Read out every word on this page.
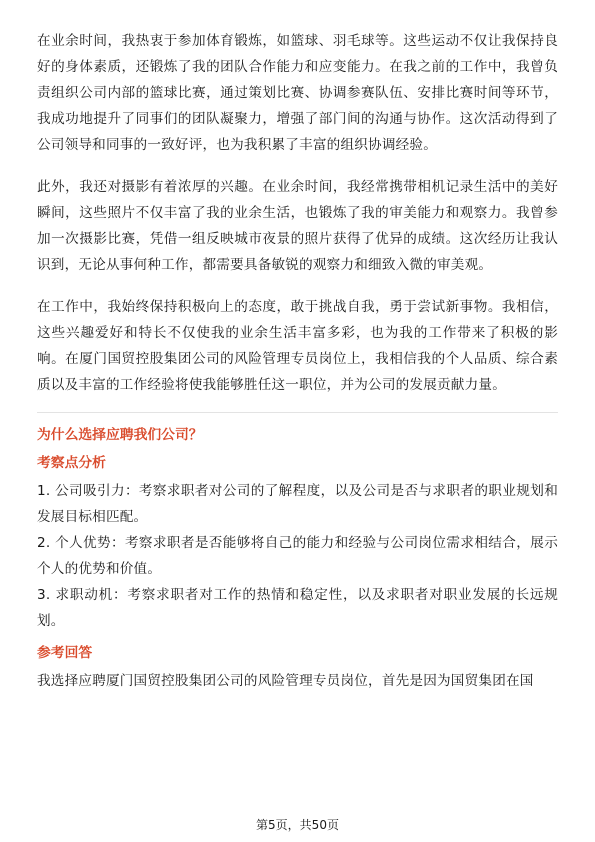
在业余时间，我热衷于参加体育锻炼，如篮球、羽毛球等。这些运动不仅让我保持良好的身体素质，还锻炼了我的团队合作能力和应变能力。在我之前的工作中，我曾负责组织公司内部的篮球比赛，通过策划比赛、协调参赛队伍、安排比赛时间等环节，我成功地提升了同事们的团队凝聚力，增强了部门间的沟通与协作。这次活动得到了公司领导和同事的一致好评，也为我积累了丰富的组织协调经验。

此外，我还对摄影有着浓厚的兴趣。在业余时间，我经常携带相机记录生活中的美好瞬间，这些照片不仅丰富了我的业余生活，也锻炼了我的审美能力和观察力。我曾参加一次摄影比赛，凭借一组反映城市夜景的照片获得了优异的成绩。这次经历让我认识到，无论从事何种工作，都需要具备敏锐的观察力和细致入微的审美观。

在工作中，我始终保持积极向上的态度，敢于挑战自我，勇于尝试新事物。我相信，这些兴趣爱好和特长不仅使我的业余生活丰富多彩，也为我的工作带来了积极的影响。在厦门国贸控股集团公司的风险管理专员岗位上，我相信我的个人品质、综合素质以及丰富的工作经验将使我能够胜任这一职位，并为公司的发展贡献力量。

为什么选择应聘我们公司？

考察点分析

1. 公司吸引力：考察求职者对公司的了解程度，以及公司是否与求职者的职业规划和发展目标相匹配。

2. 个人优势：考察求职者是否能够将自己的能力和经验与公司岗位需求相结合，展示个人的优势和价值。

3. 求职动机：考察求职者对工作的热情和稳定性，以及求职者对职业发展的长远规划。

参考回答

我选择应聘厦门国贸控股集团公司的风险管理专员岗位，首先是因为国贸集团在国

第5页，共50页
